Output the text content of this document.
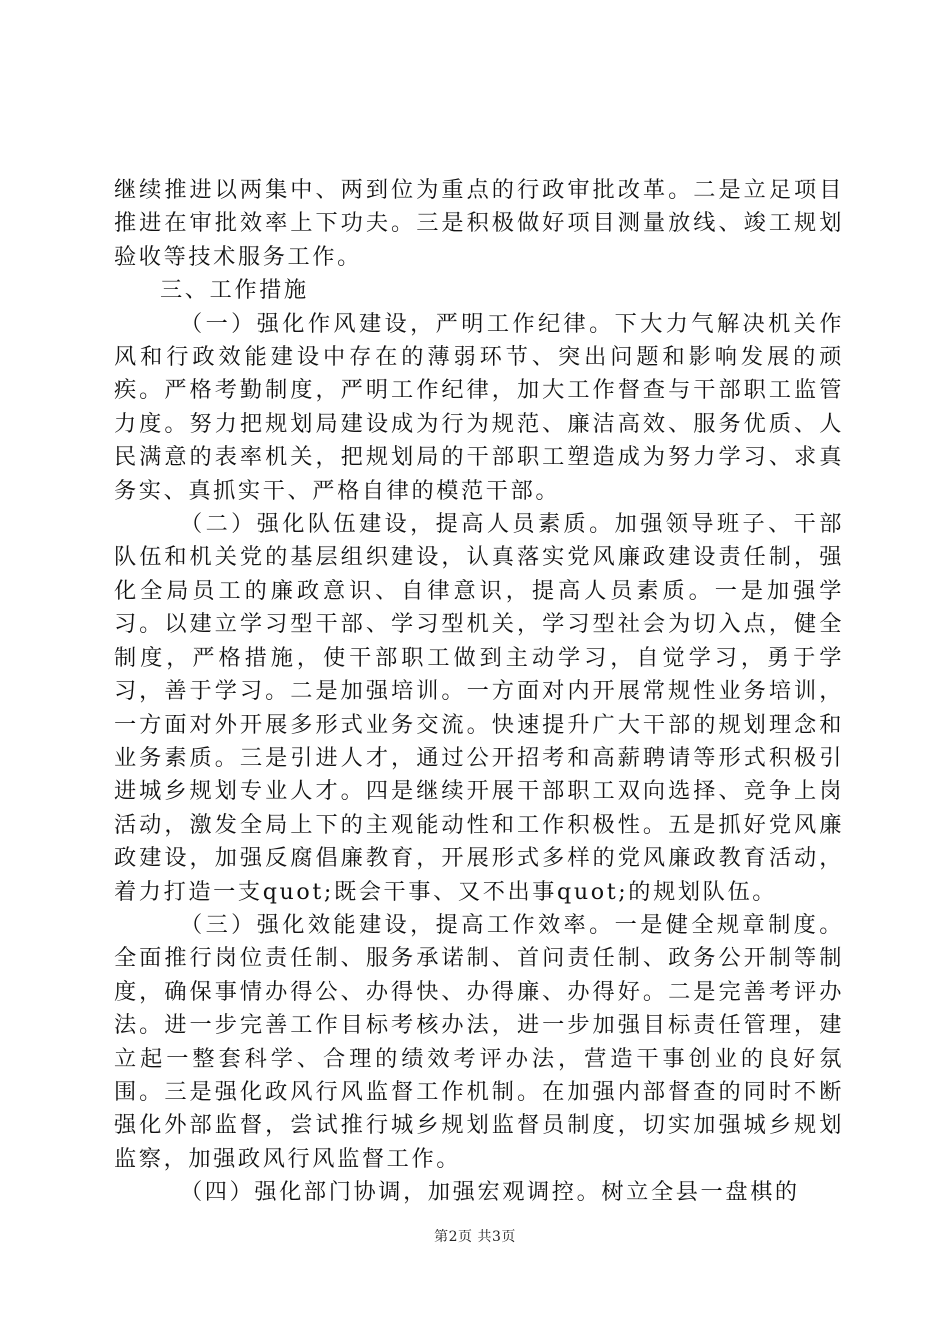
继续推进以两集中、两到位为重点的行政审批改革。二是立足项目推进在审批效率上下功夫。三是积极做好项目测量放线、竣工规划验收等技术服务工作。

三、工作措施

（一）强化作风建设，严明工作纪律。下大力气解决机关作风和行政效能建设中存在的薄弱环节、突出问题和影响发展的顽疾。严格考勤制度，严明工作纪律，加大工作督查与干部职工监管力度。努力把规划局建设成为行为规范、廉洁高效、服务优质、人民满意的表率机关，把规划局的干部职工塑造成为努力学习、求真务实、真抓实干、严格自律的模范干部。

（二）强化队伍建设，提高人员素质。加强领导班子、干部队伍和机关党的基层组织建设，认真落实党风廉政建设责任制，强化全局员工的廉政意识、自律意识，提高人员素质。一是加强学习。以建立学习型干部、学习型机关，学习型社会为切入点，健全制度，严格措施，使干部职工做到主动学习，自觉学习，勇于学习，善于学习。二是加强培训。一方面对内开展常规性业务培训，一方面对外开展多形式业务交流。快速提升广大干部的规划理念和业务素质。三是引进人才，通过公开招考和高薪聘请等形式积极引进城乡规划专业人才。四是继续开展干部职工双向选择、竞争上岗活动，激发全局上下的主观能动性和工作积极性。五是抓好党风廉政建设，加强反腐倡廉教育，开展形式多样的党风廉政教育活动，着力打造一支quot;既会干事、又不出事quot;的规划队伍。

（三）强化效能建设，提高工作效率。一是健全规章制度。全面推行岗位责任制、服务承诺制、首问责任制、政务公开制等制度，确保事情办得公、办得快、办得廉、办得好。二是完善考评办法。进一步完善工作目标考核办法，进一步加强目标责任管理，建立起一整套科学、合理的绩效考评办法，营造干事创业的良好氛围。三是强化政风行风监督工作机制。在加强内部督查的同时不断强化外部监督，尝试推行城乡规划监督员制度，切实加强城乡规划监察，加强政风行风监督工作。

（四）强化部门协调，加强宏观调控。树立全县一盘棋的

第2页 共3页
